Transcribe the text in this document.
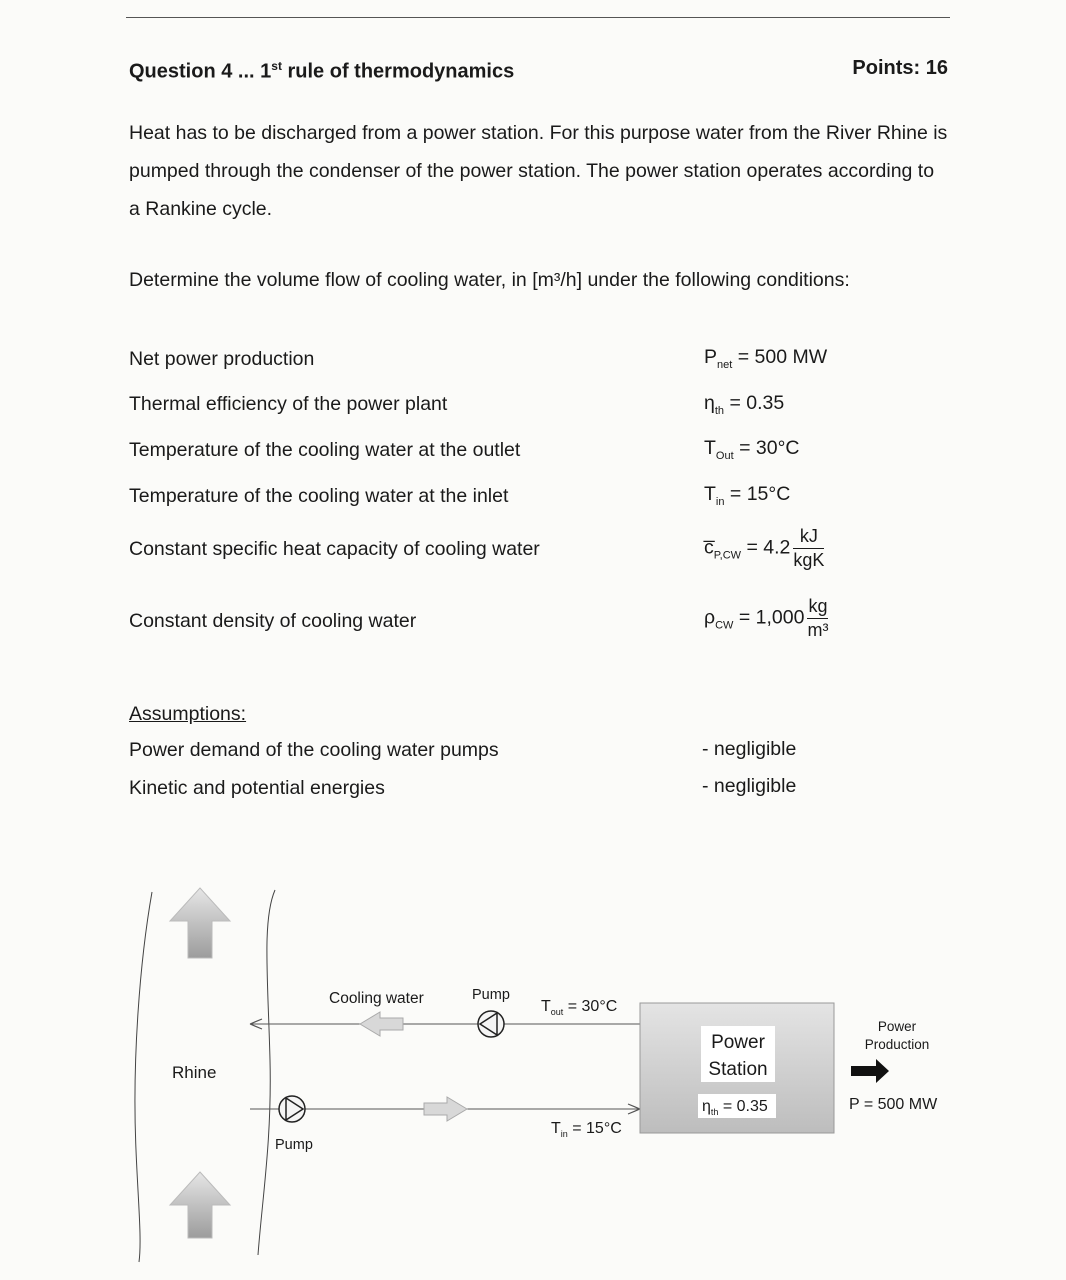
Question 4 ... 1st rule of thermodynamics	Points: 16
Heat has to be discharged from a power station. For this purpose water from the River Rhine is pumped through the condenser of the power station. The power station operates according to a Rankine cycle.
Determine the volume flow of cooling water, in [m³/h] under the following conditions:
Net power production	$P_{net} = 500$ MW
Thermal efficiency of the power plant	$\eta_{th} = 0.35$
Temperature of the cooling water at the outlet	$T_{Out} = 30^\circ C$
Temperature of the cooling water at the inlet	$T_{in} = 15^\circ C$
Constant specific heat capacity of cooling water	$c̅_{P,CW} = 4.2 \frac{kJ}{\text{kgK}}$
Constant density of cooling water	$\rho_{CW} = 1,000 \frac{kg}{\text{m³}}$
Assumptions:
Power demand of the cooling water pumps	- negligible
Kinetic and potential energies	- negligible
Rhine
Cooling water	Pump
Pump
$T_{out} = 30^\circ C$
$T_{in} = 15^\circ C$
Power
Station
$\eta_{th} = 0.35$
Power
Production
P = 500 MW
